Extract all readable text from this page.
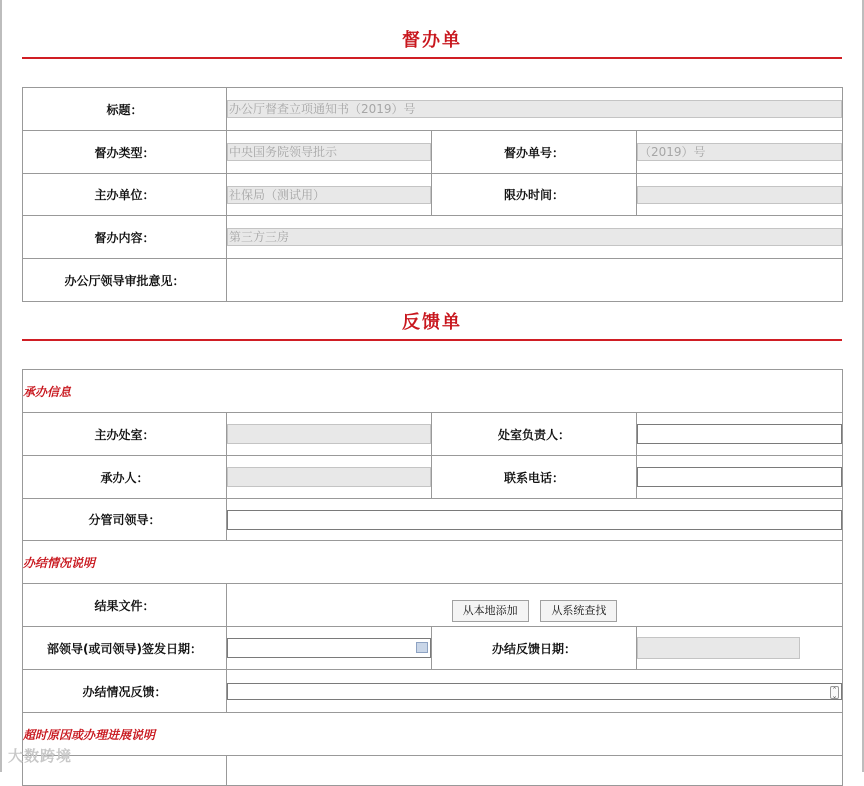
督办单
标题：	办公厅督查立项通知书（2019）号		

督办类型：	中央国务院领导批示	督办单号：	（2019）号

主办单位：	社保局（测试用）	限办时间：	

督办内容：	第三方三房		

办公厅领导审批意见：			
反馈单
承办信息			
主办处室：		处室负责人：	

承办人：		联系电话：	

分管司领导：			

办结情况说明			
结果文件：	从本地添加 从系统查找		
部领导(或司领导)签发日期：		办结反馈日期：	

办结情况反馈：	⌃
⌄		

超时原因或办理进展说明			

大数跨境
